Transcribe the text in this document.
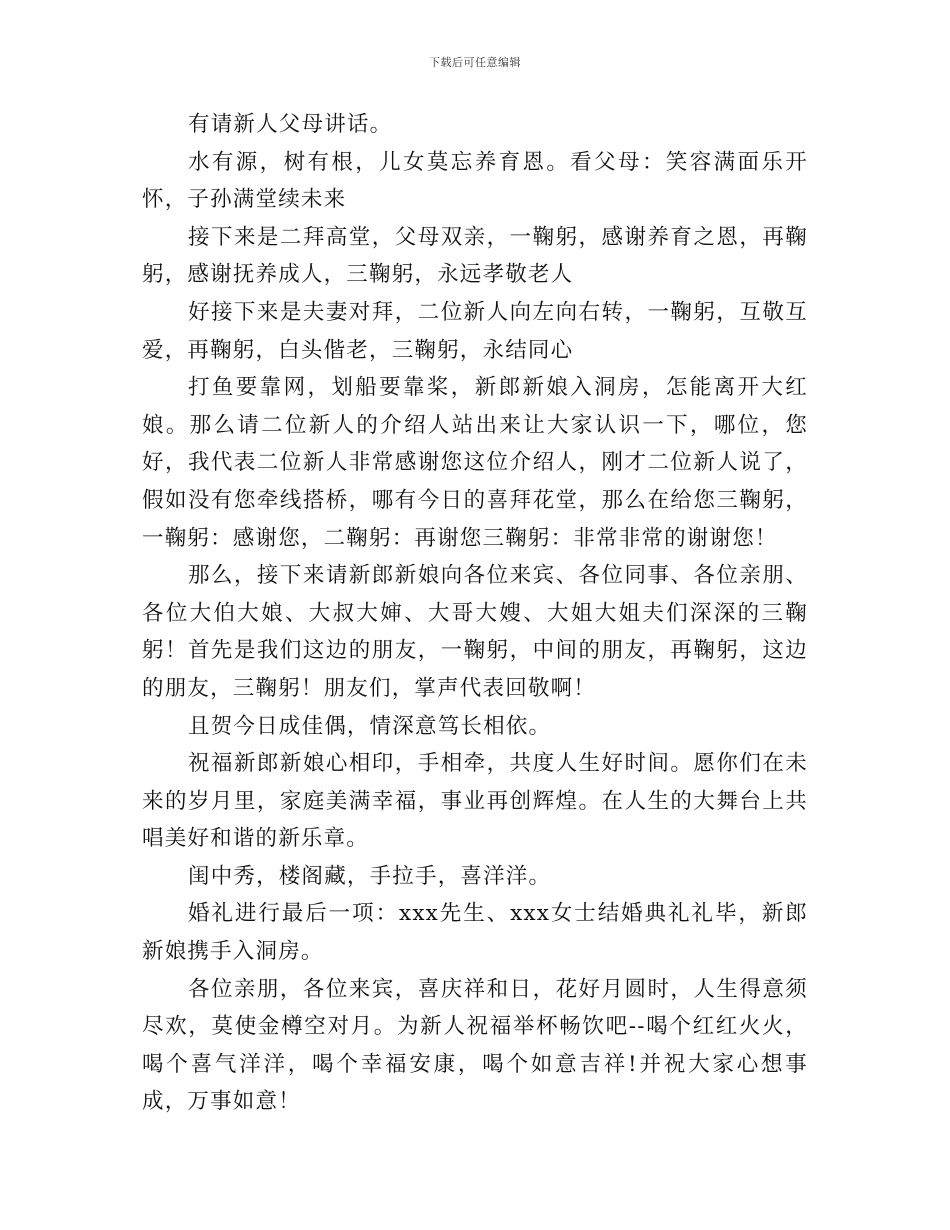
下载后可任意编辑

有请新人父母讲话。

水有源，树有根，儿女莫忘养育恩。看父母：笑容满面乐开怀，子孙满堂续未来

接下来是二拜高堂，父母双亲，一鞠躬，感谢养育之恩，再鞠躬，感谢抚养成人，三鞠躬，永远孝敬老人

好接下来是夫妻对拜，二位新人向左向右转，一鞠躬，互敬互爱，再鞠躬，白头偕老，三鞠躬，永结同心

打鱼要靠网，划船要靠桨，新郎新娘入洞房，怎能离开大红娘。那么请二位新人的介绍人站出来让大家认识一下，哪位，您好，我代表二位新人非常感谢您这位介绍人，刚才二位新人说了，假如没有您牵线搭桥，哪有今日的喜拜花堂，那么在给您三鞠躬，一鞠躬：感谢您，二鞠躬：再谢您三鞠躬：非常非常的谢谢您！

那么，接下来请新郎新娘向各位来宾、各位同事、各位亲朋、各位大伯大娘、大叔大婶、大哥大嫂、大姐大姐夫们深深的三鞠躬！首先是我们这边的朋友，一鞠躬，中间的朋友，再鞠躬，这边的朋友，三鞠躬！朋友们，掌声代表回敬啊！

且贺今日成佳偶，情深意笃长相依。

祝福新郎新娘心相印，手相牵，共度人生好时间。愿你们在未来的岁月里，家庭美满幸福，事业再创辉煌。在人生的大舞台上共唱美好和谐的新乐章。

闺中秀，楼阁藏，手拉手，喜洋洋。

婚礼进行最后一项：xxx先生、xxx女士结婚典礼礼毕，新郎新娘携手入洞房。

各位亲朋，各位来宾，喜庆祥和日，花好月圆时，人生得意须尽欢，莫使金樽空对月。为新人祝福举杯畅饮吧--喝个红红火火，喝个喜气洋洋，喝个幸福安康，喝个如意吉祥!并祝大家心想事成，万事如意！
